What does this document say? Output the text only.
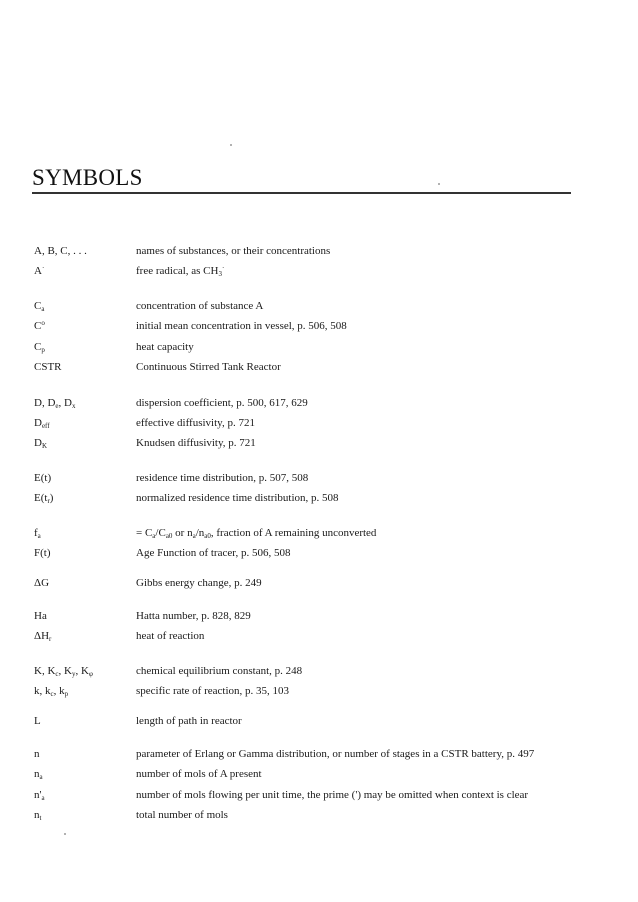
SYMBOLS
A, B, C, . . .	names of substances, or their concentrations
A·	free radical, as $CH_3^\cdot$
$C_a$	concentration of substance A
$C^o$	initial mean concentration in vessel, p. 506, 508
$C_p$	heat capacity
CSTR	Continuous Stirred Tank Reactor
D, $D_e$, $D_x$	dispersion coefficient, p. 500, 617, 629
$D_{eff}$	effective diffusivity, p. 721
$D_K$	Knudsen diffusivity, p. 721
E(t)	residence time distribution, p. 507, 508
$E(t_r)$	normalized residence time distribution, p. 508
$f_a$	= $C_a/C_{a0}$ or $n_a/n_{a0}$, fraction of A remaining unconverted
F(t)	Age Function of tracer, p. 506, 508
ΔG	Gibbs energy change, p. 249
Ha	Hatta number, p. 828, 829
$\Delta H_r$	heat of reaction
K, $K_c$, $K_y$, $K_\varphi$	chemical equilibrium constant, p. 248
k, $k_c$, $k_p$	specific rate of reaction, p. 35, 103
L	length of path in reactor
n	parameter of Erlang or Gamma distribution, or number of stages in a CSTR battery, p. 497
$n_a$	number of mols of A present
$n'_a$	number of mols flowing per unit time, the prime (') may be omitted when context is clear
$n_t$	total number of mols
